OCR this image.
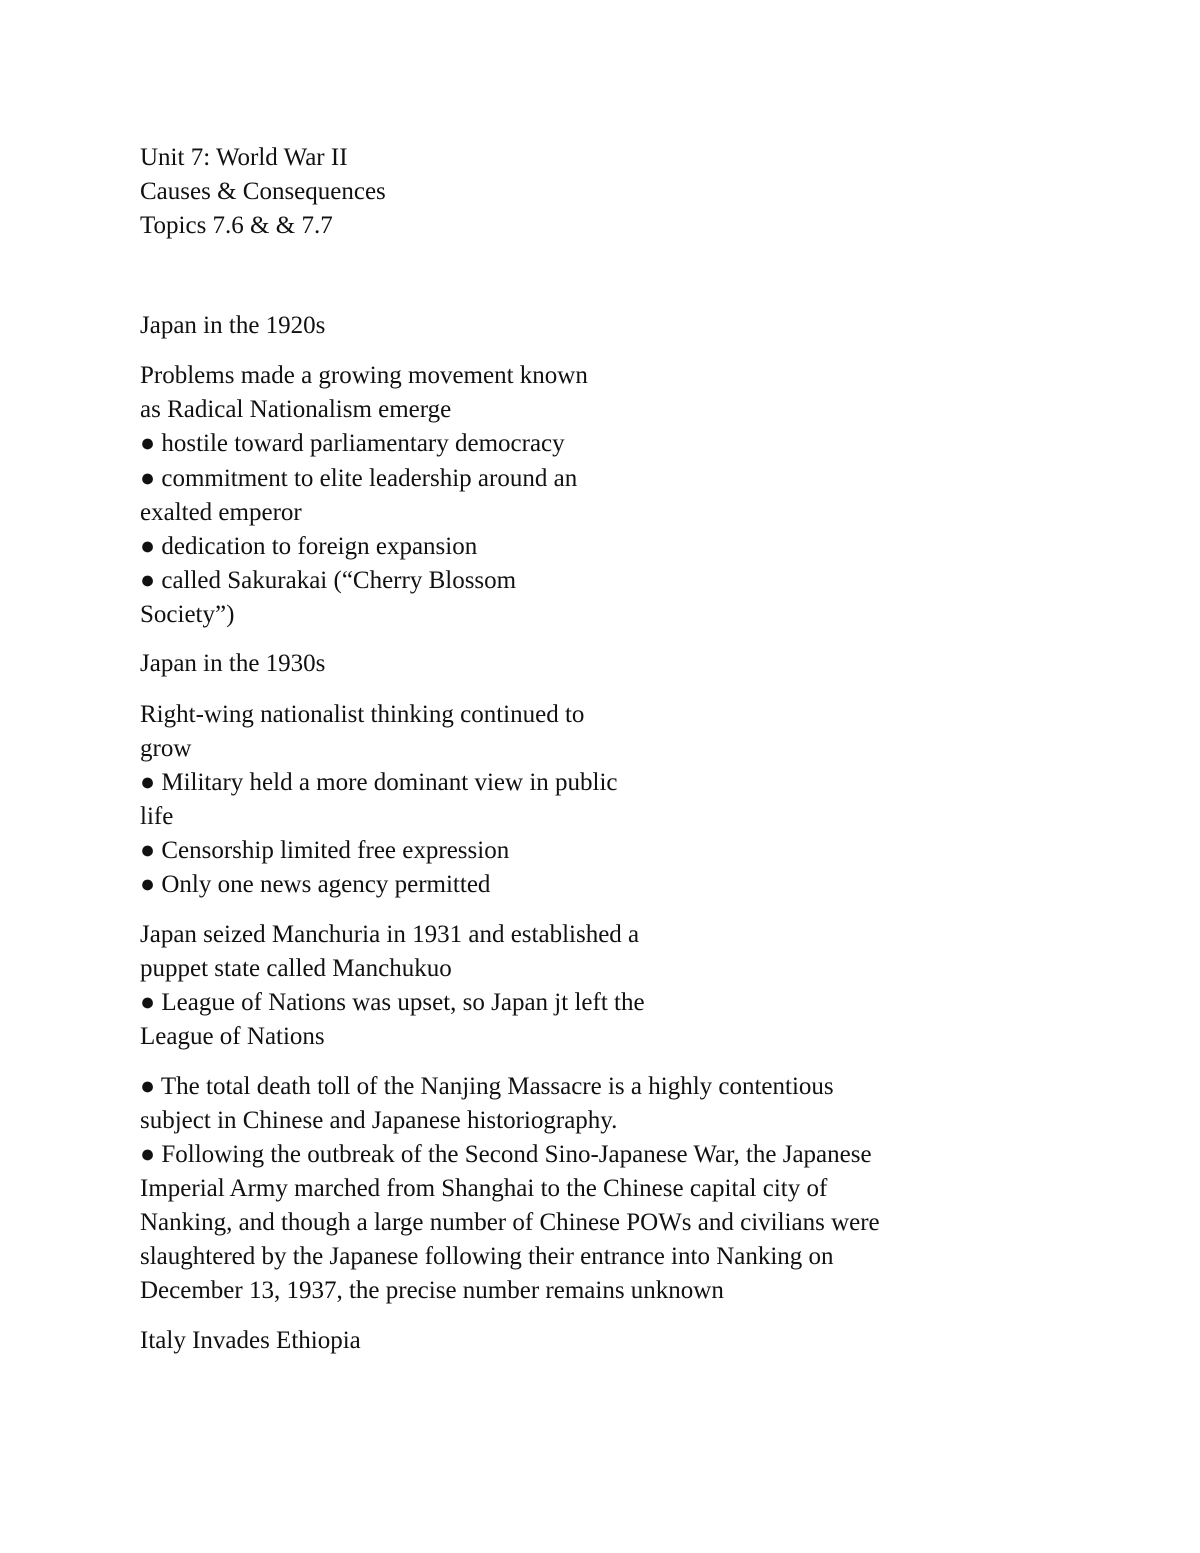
Unit 7: World War II

Causes & Consequences

Topics 7.6 & & 7.7

Japan in the 1920s

Problems made a growing movement known

as Radical Nationalism emerge

● hostile toward parliamentary democracy

● commitment to elite leadership around an

exalted emperor

● dedication to foreign expansion

● called Sakurakai (“Cherry Blossom

Society”)

Japan in the 1930s

Right-wing nationalist thinking continued to

grow

● Military held a more dominant view in public

life

● Censorship limited free expression

● Only one news agency permitted

Japan seized Manchuria in 1931 and established a

puppet state called Manchukuo

● League of Nations was upset, so Japan jt left the

League of Nations

● The total death toll of the Nanjing Massacre is a highly contentious

subject in Chinese and Japanese historiography.

● Following the outbreak of the Second Sino-Japanese War, the Japanese

Imperial Army marched from Shanghai to the Chinese capital city of

Nanking, and though a large number of Chinese POWs and civilians were

slaughtered by the Japanese following their entrance into Nanking on

December 13, 1937, the precise number remains unknown

Italy Invades Ethiopia
